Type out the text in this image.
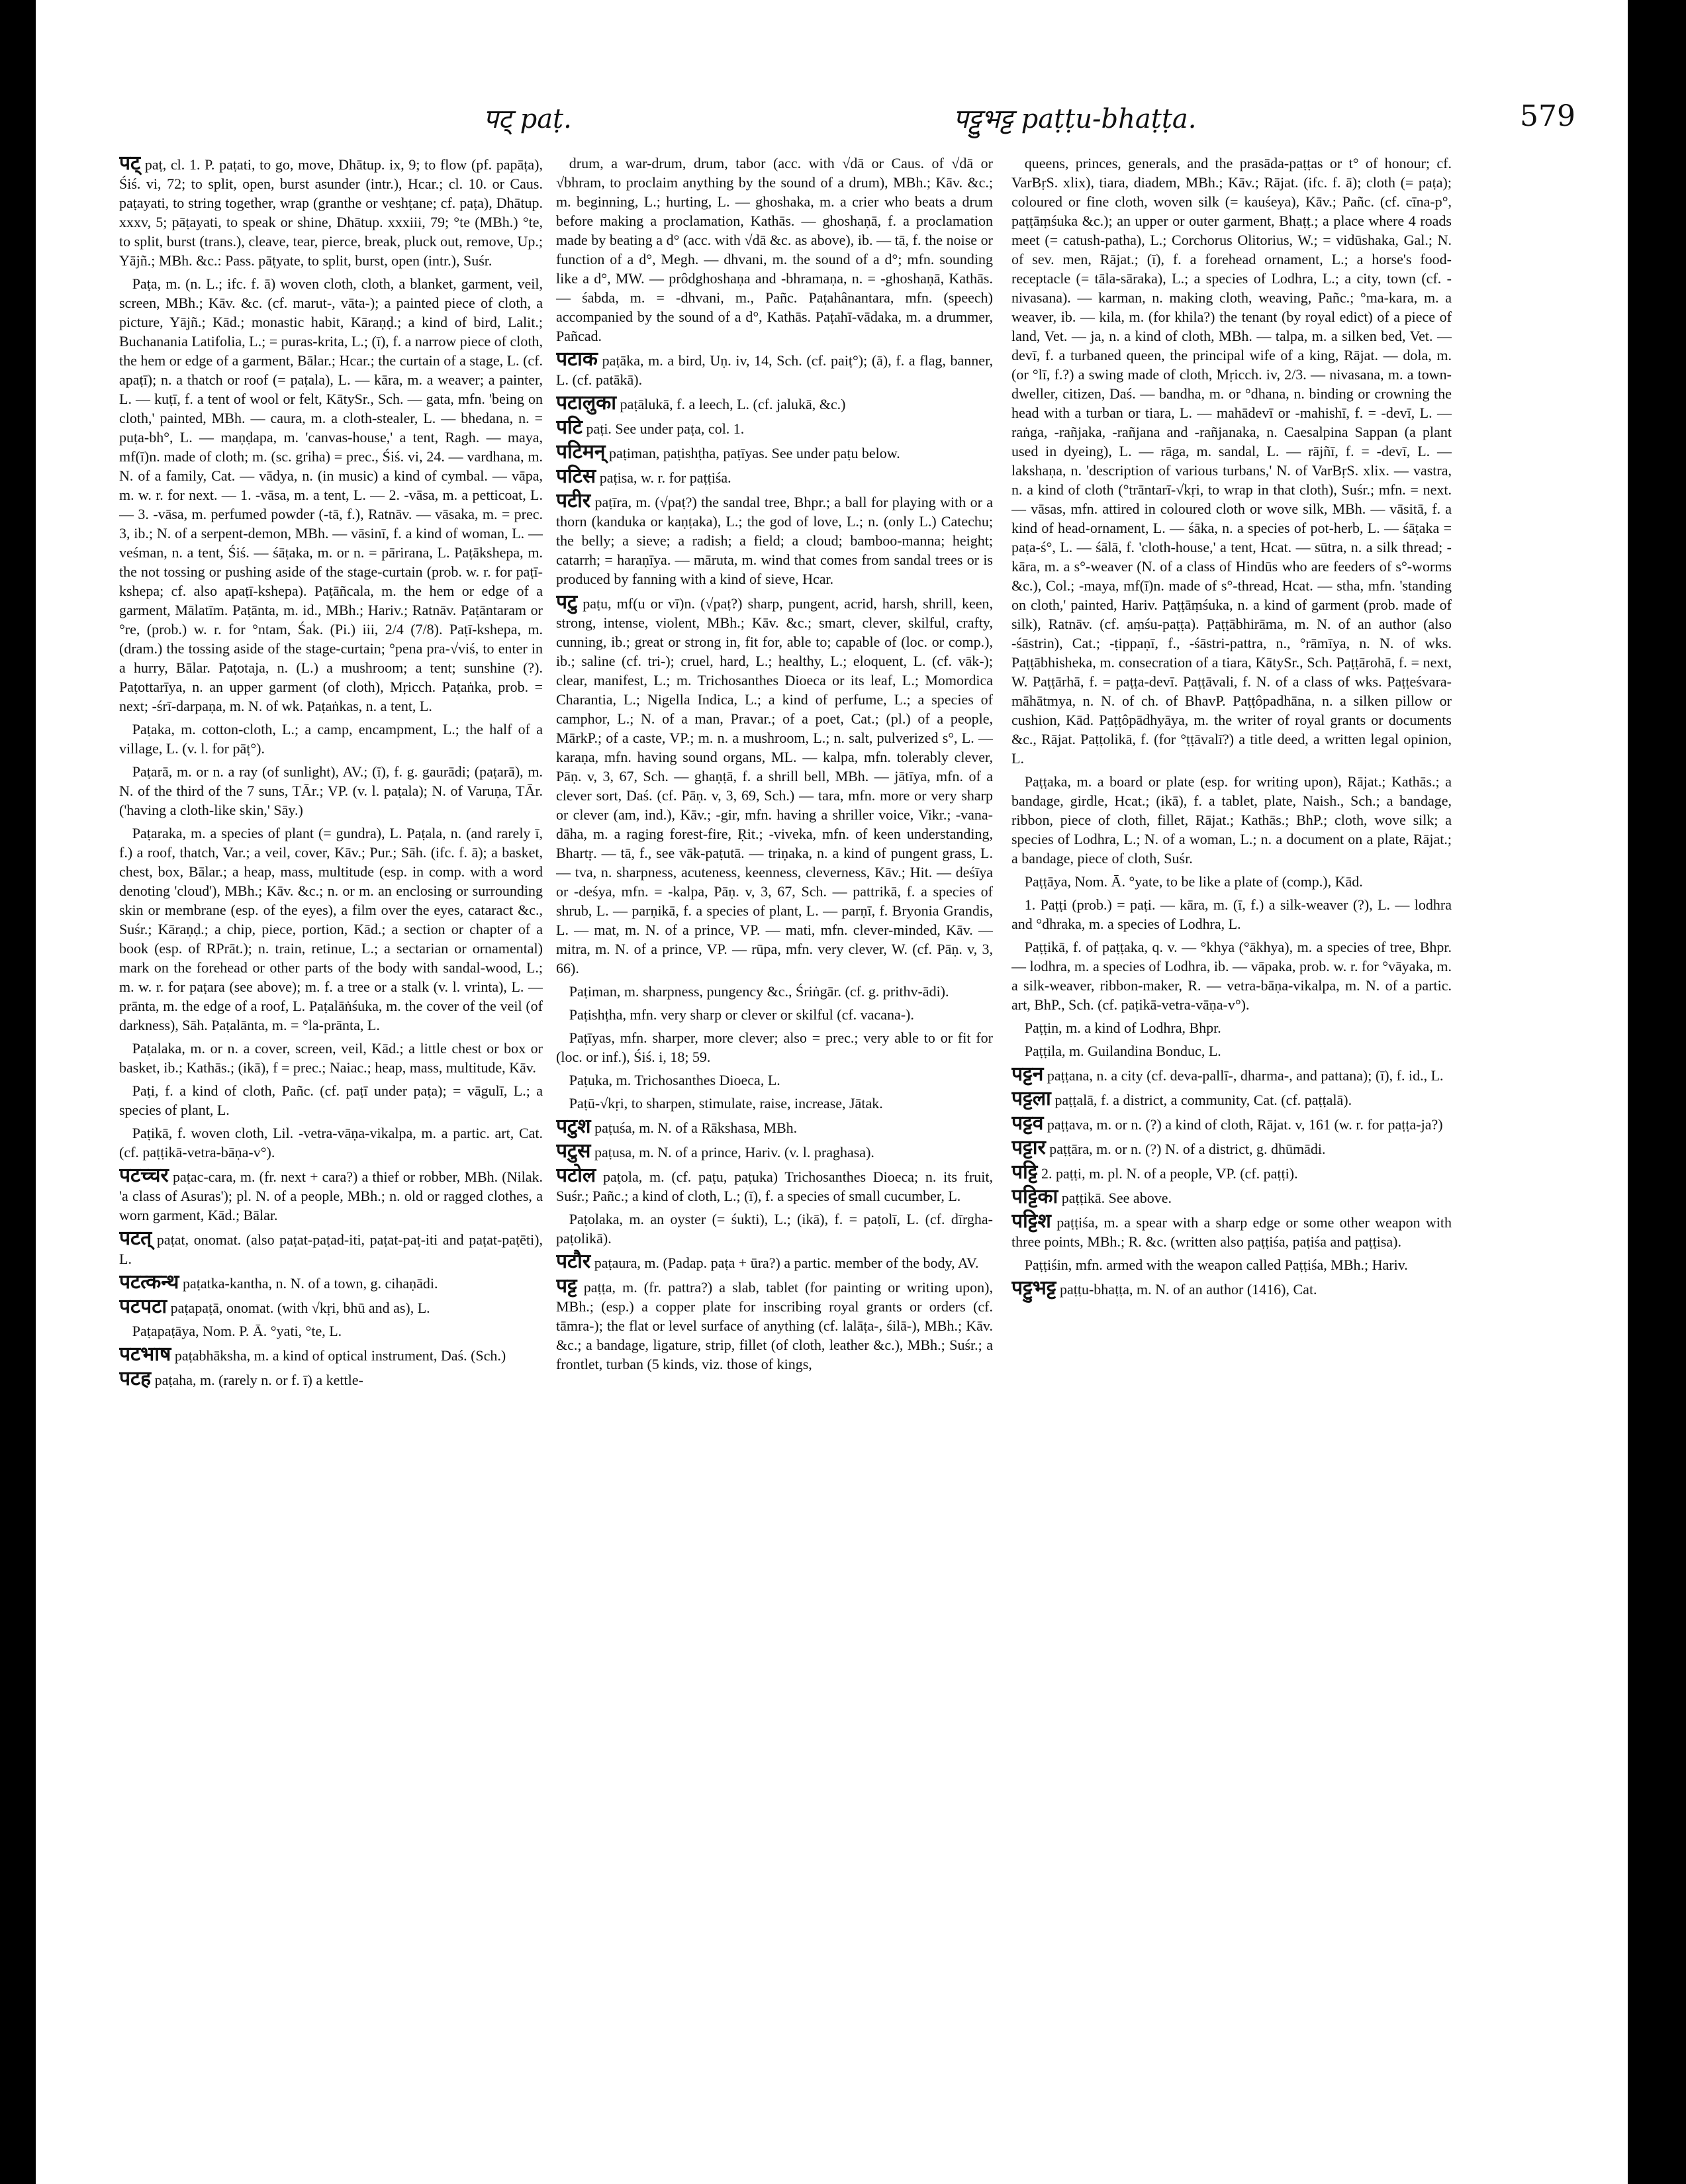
पट् paṭ.	पट्टुभट्ट paṭṭu-bhaṭṭa.	579

पट् paṭ, cl. 1. P. paṭati, to go, move, Dhātup. ix, 9; to flow (pf. papāṭa), Śiś. vi, 72; to split, open, burst asunder (intr.), Hcar.; cl. 10. or Caus. paṭayati, to string together, wrap (granthe or veshṭane; cf. paṭa), Dhātup. xxxv, 5; pāṭayati, to speak or shine, Dhātup. xxxiii, 79; °te (MBh.) °te, to split, burst (trans.), cleave, tear, pierce, break, pluck out, remove, Up.; Yājñ.; MBh. &c.: Pass. pāṭyate, to split, burst, open (intr.), Suśr.

Paṭa, m. (n. L.; ifc. f. ā) woven cloth, cloth, a blanket, garment, veil, screen, MBh.; Kāv. &c. (cf. marut-, vāta-); a painted piece of cloth, a picture, Yājñ.; Kād.; monastic habit, Kāraṇḍ.; a kind of bird, Lalit.; Buchanania Latifolia, L.; = puras-krita, L.; (ī), f. a narrow piece of cloth, the hem or edge of a garment, Bālar.; Hcar.; the curtain of a stage, L. (cf. apaṭī); n. a thatch or roof (= paṭala), L. — kāra, m. a weaver; a painter, L. — kuṭī, f. a tent of wool or felt, KātySr., Sch. — gata, mfn. 'being on cloth,' painted, MBh. — caura, m. a cloth-stealer, L. — bhedana, n. = puṭa-bh°, L. — maṇḍapa, m. 'canvas-house,' a tent, Ragh. — maya, mf(ī)n. made of cloth; m. (sc. griha) = prec., Śiś. vi, 24. — vardhana, m. N. of a family, Cat. — vādya, n. (in music) a kind of cymbal. — vāpa, m. w. r. for next. — 1. -vāsa, m. a tent, L. — 2. -vāsa, m. a petticoat, L. — 3. -vāsa, m. perfumed powder (-tā, f.), Ratnāv. — vāsaka, m. = prec. 3, ib.; N. of a serpent-demon, MBh. — vāsinī, f. a kind of woman, L. — veśman, n. a tent, Śiś. — śāṭaka, m. or n. = pārirana, L. Paṭākshepa, m. the not tossing or pushing aside of the stage-curtain (prob. w. r. for paṭī-kshepa; cf. also apaṭī-kshepa). Paṭāñcala, m. the hem or edge of a garment, Mālatīm. Paṭānta, m. id., MBh.; Hariv.; Ratnāv. Paṭāntaram or °re, (prob.) w. r. for °ntam, Śak. (Pi.) iii, 2/4 (7/8). Paṭī-kshepa, m. (dram.) the tossing aside of the stage-curtain; °pena pra-√viś, to enter in a hurry, Bālar. Paṭotaja, n. (L.) a mushroom; a tent; sunshine (?). Paṭottarīya, n. an upper garment (of cloth), Mṛicch. Paṭaṅka, prob. = next; -śrī-darpaṇa, m. N. of wk. Paṭaṅkas, n. a tent, L.

Paṭaka, m. cotton-cloth, L.; a camp, encampment, L.; the half of a village, L. (v. l. for pāṭ°).

Paṭarā, m. or n. a ray (of sunlight), AV.; (ī), f. g. gaurādi; (paṭarā), m. N. of the third of the 7 suns, TĀr.; VP. (v. l. paṭala); N. of Varuṇa, TĀr. ('having a cloth-like skin,' Sāy.)

Paṭaraka, m. a species of plant (= gundra), L. Paṭala, n. (and rarely ī, f.) a roof, thatch, Var.; a veil, cover, Kāv.; Pur.; Sāh. (ifc. f. ā); a basket, chest, box, Bālar.; a heap, mass, multitude (esp. in comp. with a word denoting 'cloud'), MBh.; Kāv. &c.; n. or m. an enclosing or surrounding skin or membrane (esp. of the eyes), a film over the eyes, cataract &c., Suśr.; Kāraṇḍ.; a chip, piece, portion, Kād.; a section or chapter of a book (esp. of RPrāt.); n. train, retinue, L.; a sectarian or ornamental) mark on the forehead or other parts of the body with sandal-wood, L.; m. w. r. for paṭara (see above); m. f. a tree or a stalk (v. l. vrinta), L. — prānta, m. the edge of a roof, L. Paṭalāṅśuka, m. the cover of the veil (of darkness), Sāh. Paṭalānta, m. = °la-prānta, L.

Paṭalaka, m. or n. a cover, screen, veil, Kād.; a little chest or box or basket, ib.; Kathās.; (ikā), f = prec.; Naiac.; heap, mass, multitude, Kāv.

Paṭi, f. a kind of cloth, Pañc. (cf. paṭī under paṭa); = vāgulī, L.; a species of plant, L.

Paṭikā, f. woven cloth, Lil. -vetra-vāṇa-vikalpa, m. a partic. art, Cat. (cf. paṭṭikā-vetra-bāṇa-v°).

पटच्चर paṭac-cara, m. (fr. next + cara?) a thief or robber, MBh. (Nilak. 'a class of Asuras'); pl. N. of a people, MBh.; n. old or ragged clothes, a worn garment, Kād.; Bālar.

पटत् paṭat, onomat. (also paṭat-paṭad-iti, paṭat-paṭ-iti and paṭat-paṭēti), L.

पटत्कन्थ paṭatka-kantha, n. N. of a town, g. cihaṇādi.

पटपटा paṭapaṭā, onomat. (with √kṛi, bhū and as), L.

Paṭapaṭāya, Nom. P. Ā. °yati, °te, L.

पटभाष paṭabhāksha, m. a kind of optical instrument, Daś. (Sch.)

पटह paṭaha, m. (rarely n. or f. ī) a kettle-

drum, a war-drum, drum, tabor (acc. with √dā or Caus. of √dā or √bhram, to proclaim anything by the sound of a drum), MBh.; Kāv. &c.; m. beginning, L.; hurting, L. — ghoshaka, m. a crier who beats a drum before making a proclamation, Kathās. — ghoshaṇā, f. a proclamation made by beating a d° (acc. with √dā &c. as above), ib. — tā, f. the noise or function of a d°, Megh. — dhvani, m. the sound of a d°; mfn. sounding like a d°, MW. — prôdghoshaṇa and -bhramaṇa, n. = -ghoshaṇā, Kathās. — śabda, m. = -dhvani, m., Pañc. Paṭahânantara, mfn. (speech) accompanied by the sound of a d°, Kathās. Paṭahī-vādaka, m. a drummer, Pañcad.

पटाक paṭāka, m. a bird, Uṇ. iv, 14, Sch. (cf. paiṭ°); (ā), f. a flag, banner, L. (cf. patākā).

पटालुका paṭālukā, f. a leech, L. (cf. jalukā, &c.)

पटि paṭi. See under paṭa, col. 1.

पटिमन् paṭiman, paṭishṭha, paṭīyas. See under paṭu below.

पटिस paṭisa, w. r. for paṭṭiśa.

पटीर paṭīra, m. (√paṭ?) the sandal tree, Bhpr.; a ball for playing with or a thorn (kanduka or kaṇṭaka), L.; the god of love, L.; n. (only L.) Catechu; the belly; a sieve; a radish; a field; a cloud; bamboo-manna; height; catarrh; = haraṇīya. — māruta, m. wind that comes from sandal trees or is produced by fanning with a kind of sieve, Hcar.

पटु paṭu, mf(u or vī)n. (√paṭ?) sharp, pungent, acrid, harsh, shrill, keen, strong, intense, violent, MBh.; Kāv. &c.; smart, clever, skilful, crafty, cunning, ib.; great or strong in, fit for, able to; capable of (loc. or comp.), ib.; saline (cf. tri-); cruel, hard, L.; healthy, L.; eloquent, L. (cf. vāk-); clear, manifest, L.; m. Trichosanthes Dioeca or its leaf, L.; Momordica Charantia, L.; Nigella Indica, L.; a kind of perfume, L.; a species of camphor, L.; N. of a man, Pravar.; of a poet, Cat.; (pl.) of a people, MārkP.; of a caste, VP.; m. n. a mushroom, L.; n. salt, pulverized s°, L. — karaṇa, mfn. having sound organs, ML. — kalpa, mfn. tolerably clever, Pāṇ. v, 3, 67, Sch. — ghaṇṭā, f. a shrill bell, MBh. — jātīya, mfn. of a clever sort, Daś. (cf. Pāṇ. v, 3, 69, Sch.) — tara, mfn. more or very sharp or clever (am, ind.), Kāv.; -gir, mfn. having a shriller voice, Vikr.; -vana-dāha, m. a raging forest-fire, Ṛit.; -viveka, mfn. of keen understanding, Bhartṛ. — tā, f., see vāk-paṭutā. — triṇaka, n. a kind of pungent grass, L. — tva, n. sharpness, acuteness, keenness, cleverness, Kāv.; Hit. — deśīya or -deśya, mfn. = -kalpa, Pāṇ. v, 3, 67, Sch. — pattrikā, f. a species of shrub, L. — parṇikā, f. a species of plant, L. — parṇī, f. Bryonia Grandis, L. — mat, m. N. of a prince, VP. — mati, mfn. clever-minded, Kāv. — mitra, m. N. of a prince, VP. — rūpa, mfn. very clever, W. (cf. Pāṇ. v, 3, 66).

Paṭiman, m. sharpness, pungency &c., Śriṅgār. (cf. g. prithv-ādi).

Paṭishṭha, mfn. very sharp or clever or skilful (cf. vacana-).

Paṭīyas, mfn. sharper, more clever; also = prec.; very able to or fit for (loc. or inf.), Śiś. i, 18; 59.

Paṭuka, m. Trichosanthes Dioeca, L.

Paṭū-√kṛi, to sharpen, stimulate, raise, increase, Jātak.

पटुश paṭuśa, m. N. of a Rākshasa, MBh.

पटुस paṭusa, m. N. of a prince, Hariv. (v. l. praghasa).

पटोल paṭola, m. (cf. paṭu, paṭuka) Trichosanthes Dioeca; n. its fruit, Suśr.; Pañc.; a kind of cloth, L.; (ī), f. a species of small cucumber, L.

Paṭolaka, m. an oyster (= śukti), L.; (ikā), f. = paṭolī, L. (cf. dīrgha-paṭolikā).

पटौर paṭaura, m. (Padap. paṭa + ūra?) a partic. member of the body, AV.

पट्ट paṭṭa, m. (fr. pattra?) a slab, tablet (for painting or writing upon), MBh.; (esp.) a copper plate for inscribing royal grants or orders (cf. tāmra-); the flat or level surface of anything (cf. lalāṭa-, śilā-), MBh.; Kāv. &c.; a bandage, ligature, strip, fillet (of cloth, leather &c.), MBh.; Suśr.; a frontlet, turban (5 kinds, viz. those of kings,

queens, princes, generals, and the prasāda-paṭṭas or t° of honour; cf. VarBṛS. xlix), tiara, diadem, MBh.; Kāv.; Rājat. (ifc. f. ā); cloth (= paṭa); coloured or fine cloth, woven silk (= kauśeya), Kāv.; Pañc. (cf. cīna-p°, paṭṭāṃśuka &c.); an upper or outer garment, Bhaṭṭ.; a place where 4 roads meet (= catush-patha), L.; Corchorus Olitorius, W.; = vidūshaka, Gal.; N. of sev. men, Rājat.; (ī), f. a forehead ornament, L.; a horse's food-receptacle (= tāla-sāraka), L.; a species of Lodhra, L.; a city, town (cf. -nivasana). — karman, n. making cloth, weaving, Pañc.; °ma-kara, m. a weaver, ib. — kila, m. (for khila?) the tenant (by royal edict) of a piece of land, Vet. — ja, n. a kind of cloth, MBh. — talpa, m. a silken bed, Vet. — devī, f. a turbaned queen, the principal wife of a king, Rājat. — dola, m. (or °lī, f.?) a swing made of cloth, Mṛicch. iv, 2/3. — nivasana, m. a town-dweller, citizen, Daś. — bandha, m. or °dhana, n. binding or crowning the head with a turban or tiara, L. — mahādevī or -mahishī, f. = -devī, L. — raṅga, -rañjaka, -rañjana and -rañjanaka, n. Caesalpina Sappan (a plant used in dyeing), L. — rāga, m. sandal, L. — rājñī, f. = -devī, L. — lakshaṇa, n. 'description of various turbans,' N. of VarBṛS. xlix. — vastra, n. a kind of cloth (°trāntarī-√kṛi, to wrap in that cloth), Suśr.; mfn. = next. — vāsas, mfn. attired in coloured cloth or wove silk, MBh. — vāsitā, f. a kind of head-ornament, L. — śāka, n. a species of pot-herb, L. — śāṭaka = paṭa-ś°, L. — śālā, f. 'cloth-house,' a tent, Hcat. — sūtra, n. a silk thread; -kāra, m. a s°-weaver (N. of a class of Hindūs who are feeders of s°-worms &c.), Col.; -maya, mf(ī)n. made of s°-thread, Hcat. — stha, mfn. 'standing on cloth,' painted, Hariv. Paṭṭāṃśuka, n. a kind of garment (prob. made of silk), Ratnāv. (cf. aṃśu-paṭṭa). Paṭṭābhirāma, m. N. of an author (also -śāstrin), Cat.; -ṭippaṇī, f., -śāstri-pattra, n., °rāmīya, n. N. of wks. Paṭṭābhisheka, m. consecration of a tiara, KātySr., Sch. Paṭṭārohā, f. = next, W. Paṭṭārhā, f. = paṭṭa-devī. Paṭṭāvali, f. N. of a class of wks. Paṭṭeśvara-māhātmya, n. N. of ch. of BhavP. Paṭṭôpadhāna, n. a silken pillow or cushion, Kād. Paṭṭôpādhyāya, m. the writer of royal grants or documents &c., Rājat. Paṭṭolikā, f. (for °ṭṭāvalī?) a title deed, a written legal opinion, L.

Paṭṭaka, m. a board or plate (esp. for writing upon), Rājat.; Kathās.; a bandage, girdle, Hcat.; (ikā), f. a tablet, plate, Naish., Sch.; a bandage, ribbon, piece of cloth, fillet, Rājat.; Kathās.; BhP.; cloth, wove silk; a species of Lodhra, L.; N. of a woman, L.; n. a document on a plate, Rājat.; a bandage, piece of cloth, Suśr.

Paṭṭāya, Nom. Ā. °yate, to be like a plate of (comp.), Kād.

1. Paṭṭi (prob.) = paṭi. — kāra, m. (ī, f.) a silk-weaver (?), L. — lodhra and °dhraka, m. a species of Lodhra, L.

Paṭṭikā, f. of paṭṭaka, q. v. — °khya (°ākhya), m. a species of tree, Bhpr. — lodhra, m. a species of Lodhra, ib. — vāpaka, prob. w. r. for °vāyaka, m. a silk-weaver, ribbon-maker, R. — vetra-bāṇa-vikalpa, m. N. of a partic. art, BhP., Sch. (cf. paṭikā-vetra-vāṇa-v°).

Paṭṭin, m. a kind of Lodhra, Bhpr.

Paṭṭila, m. Guilandina Bonduc, L.

पट्टन paṭṭana, n. a city (cf. deva-pallī-, dharma-, and pattana); (ī), f. id., L.

पट्टला paṭṭalā, f. a district, a community, Cat. (cf. paṭṭalā).

पट्टव paṭṭava, m. or n. (?) a kind of cloth, Rājat. v, 161 (w. r. for paṭṭa-ja?)

पट्टार paṭṭāra, m. or n. (?) N. of a district, g. dhūmādi.

पट्टि 2. paṭṭi, m. pl. N. of a people, VP. (cf. paṭṭi).

पट्टिका paṭṭikā. See above.

पट्टिश paṭṭiśa, m. a spear with a sharp edge or some other weapon with three points, MBh.; R. &c. (written also paṭṭiśa, paṭiśa and paṭṭisa).

Paṭṭiśin, mfn. armed with the weapon called Paṭṭiśa, MBh.; Hariv.

पट्टुभट्ट paṭṭu-bhaṭṭa, m. N. of an author (1416), Cat.
